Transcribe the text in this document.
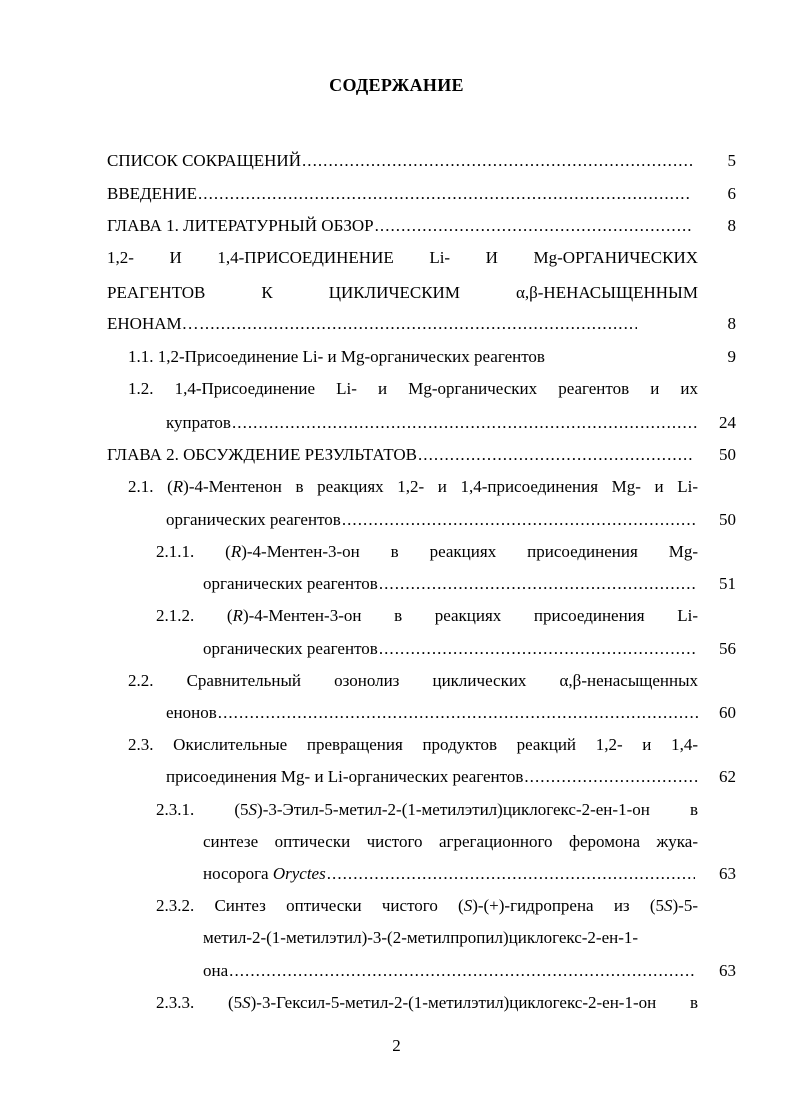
СОДЕРЖАНИЕ
СПИСОК СОКРАЩЕНИЙ . . .	5
ВВЕДЕНИЕ . . .	6
ГЛАВА 1. ЛИТЕРАТУРНЫЙ ОБЗОР . . .	8
1,2- И 1,4-ПРИСОЕДИНЕНИЕ Li- И Mg-ОРГАНИЧЕСКИХ
РЕАГЕНТОВ К ЦИКЛИЧЕСКИМ α,β-НЕНАСЫЩЕННЫМ
ЕНОНАМ… . . .	8
1.1. 1,2-Присоединение Li- и Mg-органических реагентов	9
1.2. 1,4-Присоединение Li- и Mg-органических реагентов и их
купратов . . .	24
ГЛАВА 2. ОБСУЖДЕНИЕ РЕЗУЛЬТАТОВ . . .	50
2.1. (R)-4-Ментенон в реакциях 1,2- и 1,4-присоединения Mg- и Li-
органических реагентов . . .	50
2.1.1. (R)-4-Ментен-3-он в реакциях присоединения Mg-
органических реагентов . . .	51
2.1.2. (R)-4-Ментен-3-он в реакциях присоединения Li-
органических реагентов . . .	56
2.2. Сравнительный озонолиз циклических α,β-ненасыщенных
енонов . . .	60
2.3. Окислительные превращения продуктов реакций 1,2- и 1,4-
присоединения Mg- и Li-органических реагентов . . .	62
2.3.1. (5S)-3-Этил-5-метил-2-(1-метилэтил)циклогекс-2-ен-1-он в
синтезе оптически чистого агрегационного феромона жука-
носорога Oryctes . . .	63
2.3.2. Синтез оптически чистого (S)-(+)-гидропрена из (5S)-5-
метил-2-(1-метилэтил)-3-(2-метилпропил)циклогекс-2-ен-1-
она . . .	63
2.3.3. (5S)-3-Гексил-5-метил-2-(1-метилэтил)циклогекс-2-ен-1-он в
2
